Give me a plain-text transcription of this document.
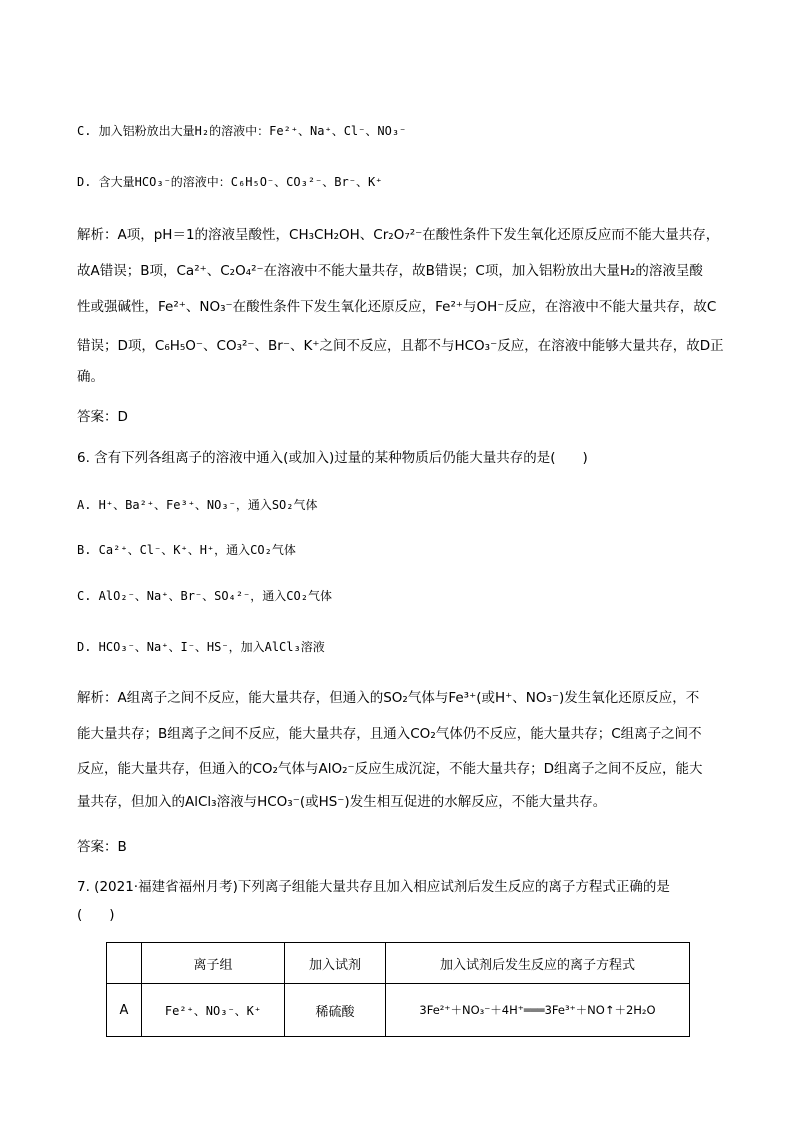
C. 加入铝粉放出大量H₂的溶液中：Fe²⁺、Na⁺、Cl⁻、NO₃⁻
D. 含大量HCO₃⁻的溶液中：C₆H₅O⁻、CO₃²⁻、Br⁻、K⁺
解析：A项，pH＝1的溶液呈酸性，CH₃CH₂OH、Cr₂O₇²⁻在酸性条件下发生氧化还原反应而不能大量共存，
故A错误；B项，Ca²⁺、C₂O₄²⁻在溶液中不能大量共存，故B错误；C项，加入铝粉放出大量H₂的溶液呈酸
性或强碱性，Fe²⁺、NO₃⁻在酸性条件下发生氧化还原反应，Fe²⁺与OH⁻反应，在溶液中不能大量共存，故C
错误；D项，C₆H₅O⁻、CO₃²⁻、Br⁻、K⁺之间不反应，且都不与HCO₃⁻反应，在溶液中能够大量共存，故D正
确。
答案：D
6. 含有下列各组离子的溶液中通入(或加入)过量的某种物质后仍能大量共存的是(　　)
A. H⁺、Ba²⁺、Fe³⁺、NO₃⁻，通入SO₂气体
B. Ca²⁺、Cl⁻、K⁺、H⁺，通入CO₂气体
C. AlO₂⁻、Na⁺、Br⁻、SO₄²⁻，通入CO₂气体
D. HCO₃⁻、Na⁺、I⁻、HS⁻，加入AlCl₃溶液
解析：A组离子之间不反应，能大量共存，但通入的SO₂气体与Fe³⁺(或H⁺、NO₃⁻)发生氧化还原反应，不
能大量共存；B组离子之间不反应，能大量共存，且通入CO₂气体仍不反应，能大量共存；C组离子之间不
反应，能大量共存，但通入的CO₂气体与AlO₂⁻反应生成沉淀，不能大量共存；D组离子之间不反应，能大
量共存，但加入的AlCl₃溶液与HCO₃⁻(或HS⁻)发生相互促进的水解反应，不能大量共存。
答案：B
7. (2021·福建省福州月考)下列离子组能大量共存且加入相应试剂后发生反应的离子方程式正确的是
(　　)
	离子组	加入试剂	加入试剂后发生反应的离子方程式
A	Fe²⁺、NO₃⁻、K⁺	稀硫酸	3Fe²⁺＋NO₃⁻＋4H⁺═══3Fe³⁺＋NO↑＋2H₂O
